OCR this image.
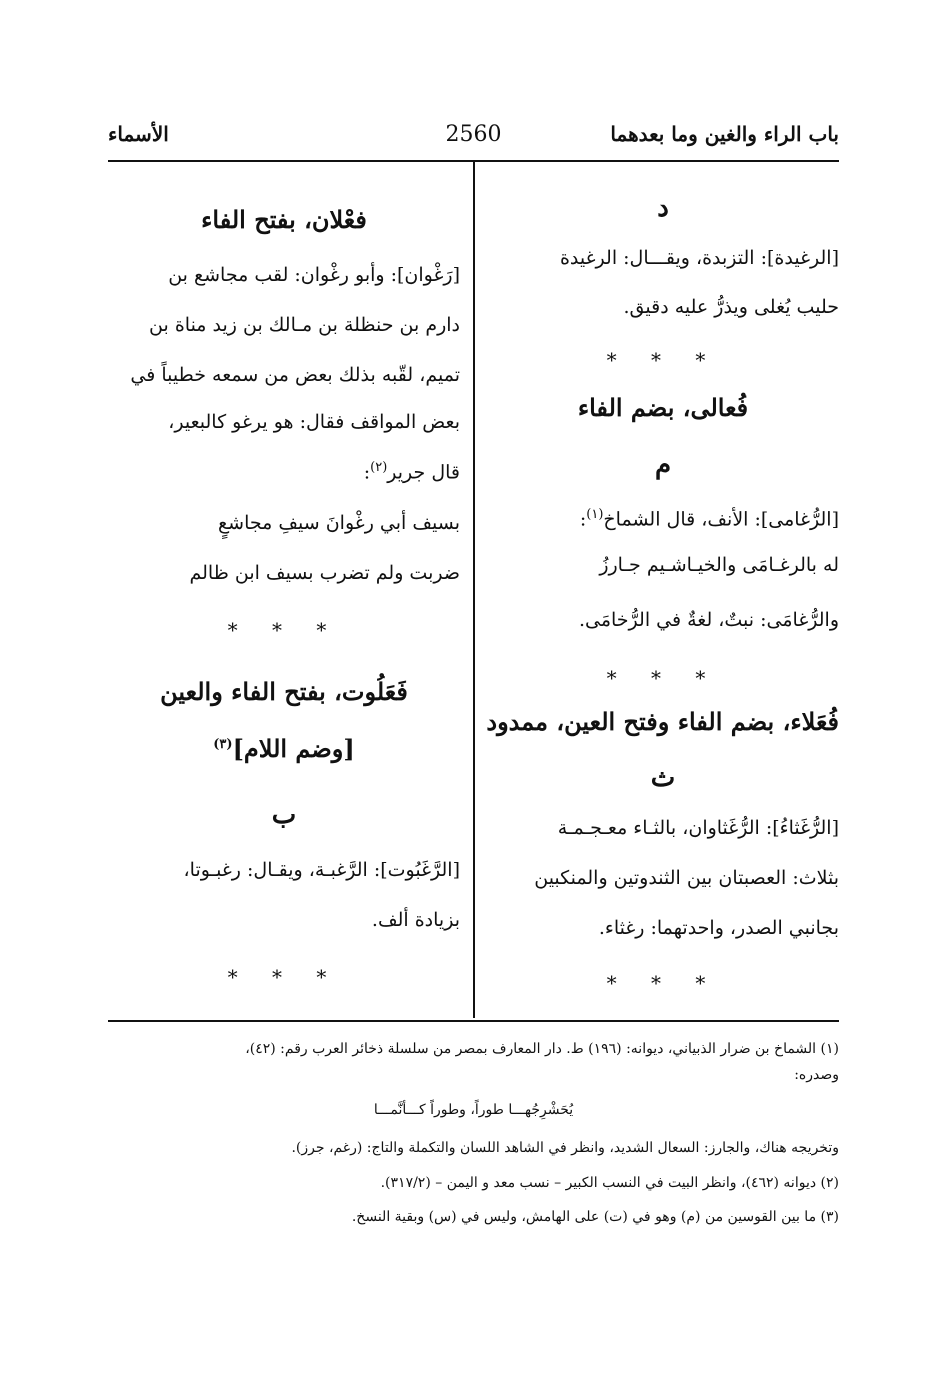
باب الراء والغين وما بعدهما
2560
الأسماء
د
[الرغيدة]: التزبدة، ويقـــال: الرغيدة
حليب يُغلى ويذرُّ عليه دقيق.
* * *
فُعالى، بضم الفاء
م
[الرُّغامى]: الأنف، قال الشماخ$^{(١)}$:
له بالرغـامَى والخيـاشـيم جـارزُ
والرُّغامَى: نبتٌ، لغةٌ في الرُّخامَى.
* * *
فُعَلاء، بضم الفاء وفتح العين، ممدود
ث
[الرُّغَثاءُ]: الرُّغَثاوان، بالثـاء معـجـمـة
بثلاث: العصبتان بين الثندوتين والمنكبين
بجانبي الصدر، واحدتهما: رغثاء.
* * *
فعْلان، بفتح الفاء
[رَغْوان]: وأبو رغْوان: لقب مجاشع بن
دارم بن حنظلة بن مـالك بن زيد مناة بن
تميم، لقّبه بذلك بعض من سمعه خطيباً في
بعض المواقف فقال: هو يرغو كالبعير،
قال جرير$^{(٢)}$:
بسيف أبي رغْوانَ سيفِ مجاشعٍ
ضربت ولم تضرب بسيف ابن ظالم
* * *
فَعَلُوت، بفتح الفاء والعين
[وضم اللام]$^{(٣)}$
ب
[الرَّغَبُوت]: الرَّغبـة، ويقـال: رغبـوتا،
بزيادة ألف.
* * *
(١) الشماخ بن ضرار الذبياني، ديوانه: (١٩٦) ط. دار المعارف بمصر من سلسلة ذخائر العرب رقم: (٤٢)،
وصدره:
يُحَشْرِجُهـــا طوراً، وطوراً كـــأنَّمـــا
وتخريجه هناك، والجارز: السعال الشديد، وانظر في الشاهد اللسان والتكملة والتاج: (رغم، جرز).
(٢) ديوانه (٤٦٢)، وانظر البيت في النسب الكبير – نسب معد و اليمن – (٣١٧/٢).
(٣) ما بين القوسين من (م) وهو في (ت) على الهامش، وليس في (س) وبقية النسخ.
